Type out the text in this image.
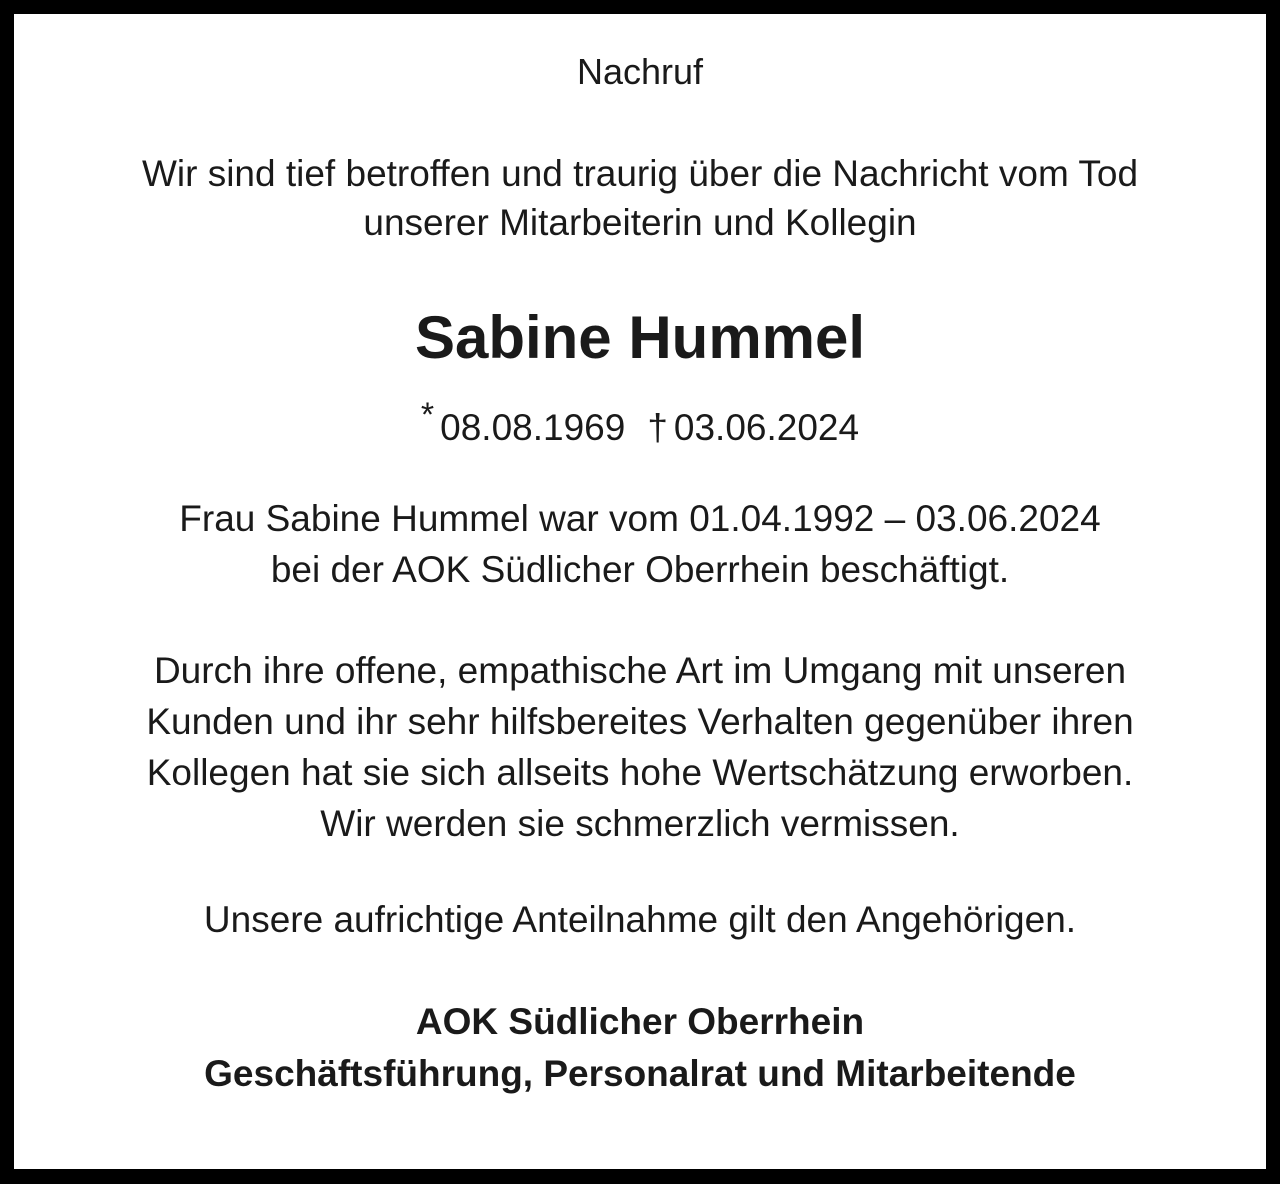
Nachruf
Wir sind tief betroffen und traurig über die Nachricht vom Tod
unserer Mitarbeiterin und Kollegin
Sabine Hummel
* 08.08.1969 † 03.06.2024
Frau Sabine Hummel war vom 01.04.1992 – 03.06.2024
bei der AOK Südlicher Oberrhein beschäftigt.
Durch ihre offene, empathische Art im Umgang mit unseren
Kunden und ihr sehr hilfsbereites Verhalten gegenüber ihren
Kollegen hat sie sich allseits hohe Wertschätzung erworben.
Wir werden sie schmerzlich vermissen.
Unsere aufrichtige Anteilnahme gilt den Angehörigen.
AOK Südlicher Oberrhein
Geschäftsführung, Personalrat und Mitarbeitende
